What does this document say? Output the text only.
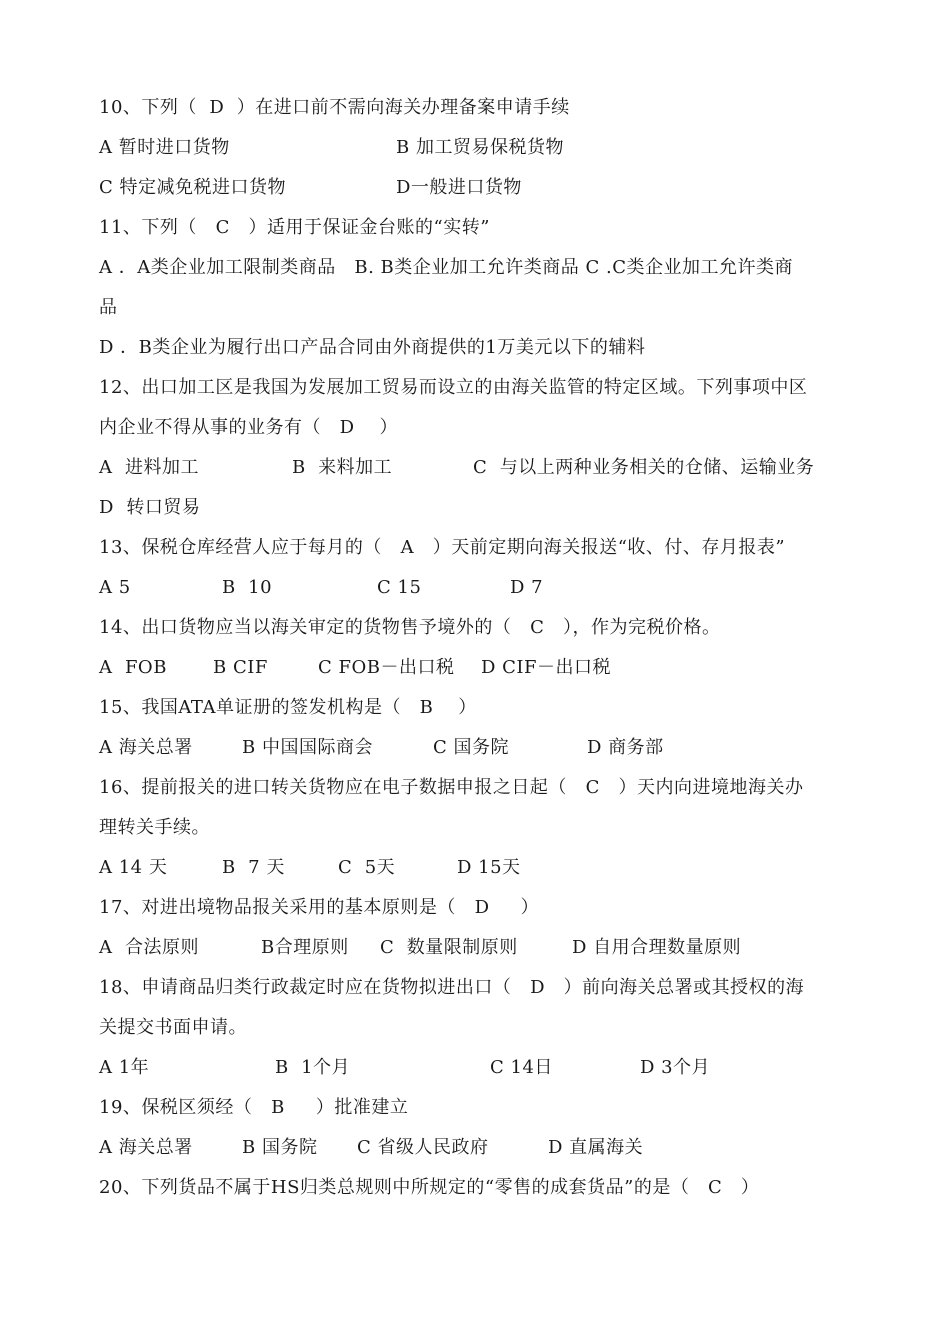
10、下列（  D  ）在进口前不需向海关办理备案申请手续
A 暂时进口货物	B 加工贸易保税货物
C 特定减免税进口货物	D一般进口货物
11、下列（   C   ）适用于保证金台账的“实转”
A ．A类企业加工限制类商品   B. B类企业加工允许类商品 C .C类企业加工允许类商
品
D ．B类企业为履行出口产品合同由外商提供的1万美元以下的辅料
12、出口加工区是我国为发展加工贸易而设立的由海关监管的特定区域。下列事项中区
内企业不得从事的业务有（   D    ）
A  进料加工	B  来料加工	C  与以上两种业务相关的仓储、运输业务
D  转口贸易
13、保税仓库经营人应于每月的（   A   ）天前定期向海关报送“收、付、存月报表”
A 5	B  10	C 15	D 7
14、出口货物应当以海关审定的货物售予境外的（   C   ），作为完税价格。
A  FOB	B CIF	C FOB－出口税 D CIF－出口税
15、我国ATA单证册的签发机构是（   B    ）
A 海关总署	B 中国国际商会	C 国务院	D 商务部
16、提前报关的进口转关货物应在电子数据申报之日起（   C   ）天内向进境地海关办
理转关手续。
A 14 天	B  7 天	C  5天	D 15天
17、对进出境物品报关采用的基本原则是（   D     ）
A  合法原则	B合理原则 C  数量限制原则	D 自用合理数量原则
18、申请商品归类行政裁定时应在货物拟进出口（   D   ）前向海关总署或其授权的海
关提交书面申请。
A 1年	B  1个月	C 14日	D 3个月
19、保税区须经（   B     ）批准建立
A 海关总署	B 国务院 C 省级人民政府	D 直属海关
20、下列货品不属于HS归类总规则中所规定的“零售的成套货品”的是（   C   ）
